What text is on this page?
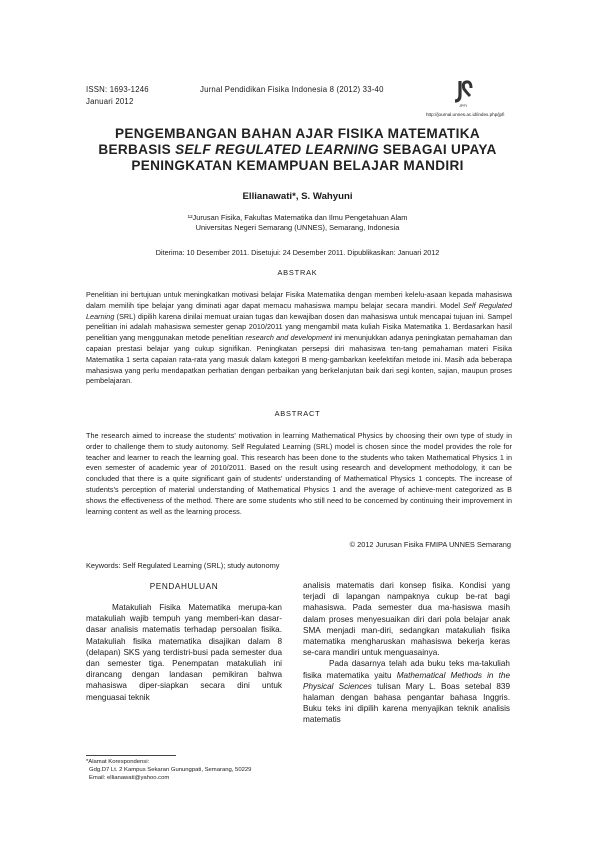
ISSN: 1693-1246
Januari 2012
Jurnal Pendidikan Fisika Indonesia 8 (2012) 33-40
JPFI
http://journal.unnes.ac.id/index.php/jpfi
PENGEMBANGAN BAHAN AJAR FISIKA MATEMATIKA
BERBASIS SELF REGULATED LEARNING SEBAGAI UPAYA
PENINGKATAN KEMAMPUAN BELAJAR MANDIRI
Ellianawati*, S. Wahyuni
¹²Jurusan Fisika, Fakultas Matematika dan Ilmu Pengetahuan Alam
Universitas Negeri Semarang (UNNES), Semarang, Indonesia
Diterima: 10 Desember 2011. Disetujui: 24 Desember 2011. Dipublikasikan: Januari 2012
ABSTRAK
Penelitian ini bertujuan untuk meningkatkan motivasi belajar Fisika Matematika dengan memberi kelelu-asaan kepada mahasiswa dalam memilih tipe belajar yang diminati agar dapat memacu mahasiswa mampu belajar secara mandiri. Model Self Regulated Learning (SRL) dipilih karena dinilai memuat uraian tugas dan kewajiban dosen dan mahasiswa untuk mencapai tujuan ini. Sampel penelitian ini adalah mahasiswa semester genap 2010/2011 yang mengambil mata kuliah Fisika Matematika 1. Berdasarkan hasil penelitian yang menggunakan metode penelitian research and development ini menunjukkan adanya peningkatan pemahaman dan capaian prestasi belajar yang cukup signifikan. Peningkatan persepsi diri mahasiswa ten-tang pemahaman materi Fisika Matematika 1 serta capaian rata-rata yang masuk dalam kategori B meng-gambarkan keefektifan metode ini. Masih ada beberapa mahasiswa yang perlu mendapatkan perhatian dengan perbaikan yang berkelanjutan baik dari segi konten, sajian, maupun proses pembelajaran.
ABSTRACT
The research aimed to increase the students' motivation in learning Mathematical Physics by choosing their own type of study in order to challenge them to study autonomy. Self Regulated Learning (SRL) model is chosen since the model provides the role for teacher and learner to reach the learning goal. This research has been done to the students who taken Mathematical Physics 1 in even semester of academic year of 2010/2011. Based on the result using research and development methodology, it can be concluded that there is a quite significant gain of students' understanding of Mathematical Physics 1 concepts. The increase of students's perception of material understanding of Mathematical Physics 1 and the average of achieve-ment categorized as B shows the effectiveness of the method. There are some students who still need to be concerned by continuing their improvement in learning content as well as the learning process.
© 2012 Jurusan Fisika FMIPA UNNES Semarang
Keywords: Self Regulated Learning (SRL); study autonomy
PENDAHULUAN

Matakuliah Fisika Matematika merupa-kan matakuliah wajib tempuh yang memberi-kan dasar-dasar analisis matematis terhadap persoalan fisika. Matakuliah fisika matematika disajikan dalam 8 (delapan) SKS yang terdistri-busi pada semester dua dan semester tiga. Penempatan matakuliah ini dirancang dengan landasan pemikiran bahwa mahasiswa diper-siapkan secara dini untuk menguasai teknik

analisis matematis dari konsep fisika. Kondisi yang terjadi di lapangan nampaknya cukup be-rat bagi mahasiswa. Pada semester dua ma-hasiswa masih dalam proses menyesuaikan diri dari pola belajar anak SMA menjadi man-diri, sedangkan matakuliah fisika matematika mengharuskan mahasiswa bekerja keras se-cara mandiri untuk menguasainya.

Pada dasarnya telah ada buku teks ma-takuliah fisika matematika yaitu Mathematical Methods in the Physical Sciences tulisan Mary L. Boas setebal 839 halaman dengan bahasa pengantar bahasa Inggris. Buku teks ini dipilih karena menyajikan teknik analisis matematis

*Alamat Korespondensi:
Gdg.D7 Lt. 2 Kampus Sekaran Gunungpati, Semarang, 50229
Email: ellianawati@yahoo.com
